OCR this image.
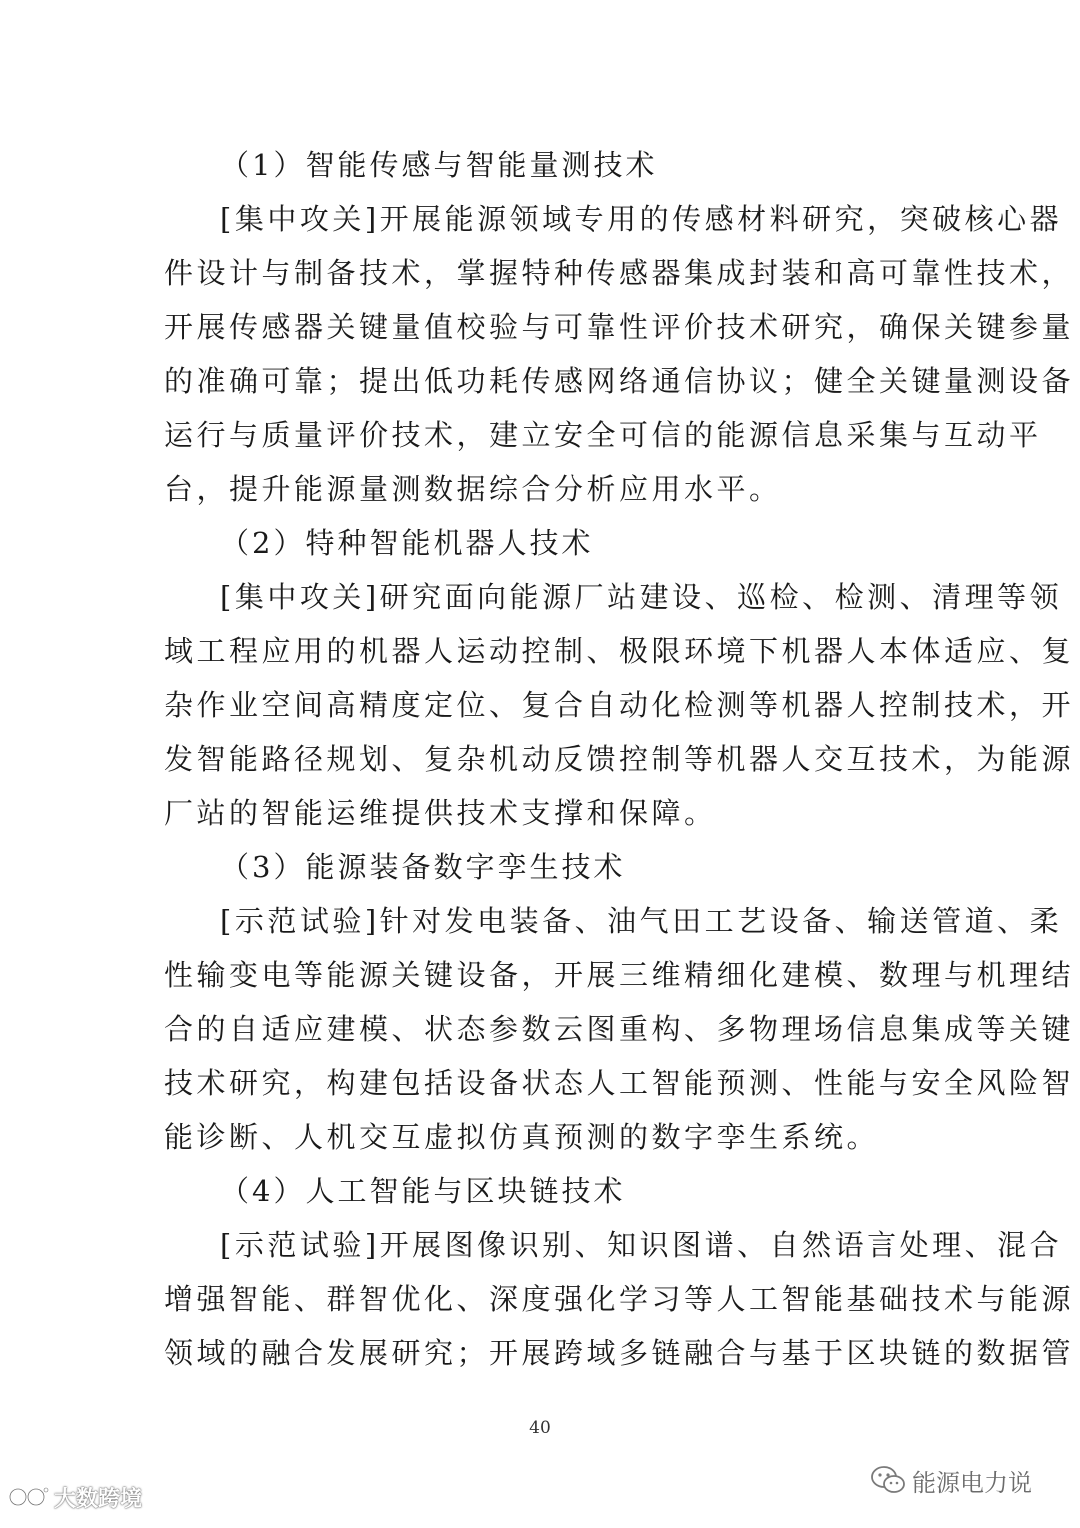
（1）智能传感与智能量测技术
[集中攻关]开展能源领域专用的传感材料研究，突破核心器
件设计与制备技术，掌握特种传感器集成封装和高可靠性技术，
开展传感器关键量值校验与可靠性评价技术研究，确保关键参量
的准确可靠；提出低功耗传感网络通信协议；健全关键量测设备
运行与质量评价技术，建立安全可信的能源信息采集与互动平
台，提升能源量测数据综合分析应用水平。
（2）特种智能机器人技术
[集中攻关]研究面向能源厂站建设、巡检、检测、清理等领
域工程应用的机器人运动控制、极限环境下机器人本体适应、复
杂作业空间高精度定位、复合自动化检测等机器人控制技术，开
发智能路径规划、复杂机动反馈控制等机器人交互技术，为能源
厂站的智能运维提供技术支撑和保障。
（3）能源装备数字孪生技术
[示范试验]针对发电装备、油气田工艺设备、输送管道、柔
性输变电等能源关键设备，开展三维精细化建模、数理与机理结
合的自适应建模、状态参数云图重构、多物理场信息集成等关键
技术研究，构建包括设备状态人工智能预测、性能与安全风险智
能诊断、人机交互虚拟仿真预测的数字孪生系统。
（4）人工智能与区块链技术
[示范试验]开展图像识别、知识图谱、自然语言处理、混合
增强智能、群智优化、深度强化学习等人工智能基础技术与能源
领域的融合发展研究；开展跨域多链融合与基于区块链的数据管
40
大数跨境
能源电力说
